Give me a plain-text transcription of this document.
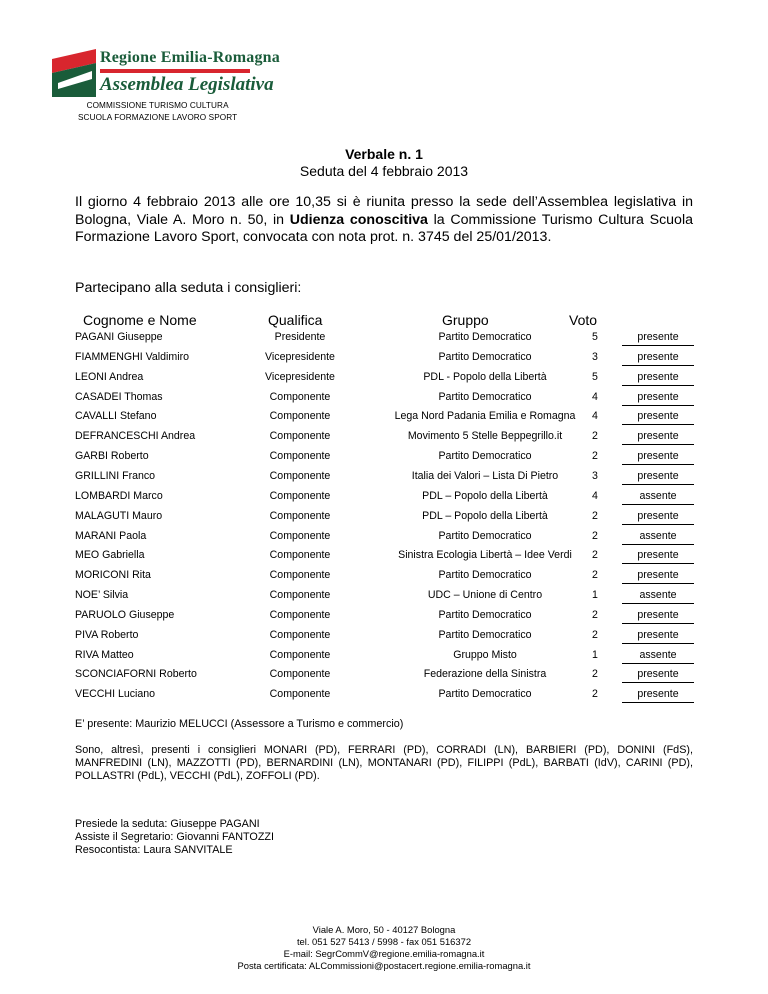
Regione Emilia-Romagna
Assemblea Legislativa
COMMISSIONE TURISMO CULTURA
SCUOLA FORMAZIONE LAVORO SPORT
Verbale n. 1
Seduta del 4 febbraio 2013
Il giorno 4 febbraio 2013 alle ore 10,35 si è riunita presso la sede dell’Assemblea legislativa in Bologna, Viale A. Moro n. 50, in Udienza conoscitiva la Commissione Turismo Cultura Scuola Formazione Lavoro Sport, convocata con nota prot. n. 3745 del 25/01/2013.
Partecipano alla seduta i consiglieri:
Cognome e Nome	Qualifica	Gruppo	Voto
PAGANI Giuseppe	Presidente	Partito Democratico	5	presente
FIAMMENGHI Valdimiro	Vicepresidente	Partito Democratico	3	presente
LEONI Andrea	Vicepresidente	PDL - Popolo della Libertà	5	presente
CASADEI Thomas	Componente	Partito Democratico	4	presente
CAVALLI Stefano	Componente	Lega Nord Padania Emilia e Romagna	4	presente
DEFRANCESCHI Andrea	Componente	Movimento 5 Stelle Beppegrillo.it	2	presente
GARBI Roberto	Componente	Partito Democratico	2	presente
GRILLINI Franco	Componente	Italia dei Valori – Lista Di Pietro	3	presente
LOMBARDI Marco	Componente	PDL – Popolo della Libertà	4	assente
MALAGUTI Mauro	Componente	PDL – Popolo della Libertà	2	presente
MARANI Paola	Componente	Partito Democratico	2	assente
MEO Gabriella	Componente	Sinistra Ecologia Libertà – Idee Verdi	2	presente
MORICONI Rita	Componente	Partito Democratico	2	presente
NOE’ Silvia	Componente	UDC – Unione di Centro	1	assente
PARUOLO Giuseppe	Componente	Partito Democratico	2	presente
PIVA Roberto	Componente	Partito Democratico	2	presente
RIVA Matteo	Componente	Gruppo Misto	1	assente
SCONCIAFORNI Roberto	Componente	Federazione della Sinistra	2	presente
VECCHI Luciano	Componente	Partito Democratico	2	presente
E’ presente: Maurizio MELUCCI (Assessore a Turismo e commercio)
Sono, altresì, presenti i consiglieri MONARI (PD), FERRARI (PD), CORRADI (LN), BARBIERI (PD), DONINI (FdS), MANFREDINI (LN), MAZZOTTI (PD), BERNARDINI (LN), MONTANARI (PD), FILIPPI (PdL), BARBATI (IdV), CARINI (PD), POLLASTRI (PdL), VECCHI (PdL), ZOFFOLI (PD).
Presiede la seduta: Giuseppe PAGANI
Assiste il Segretario: Giovanni FANTOZZI
Resocontista: Laura SANVITALE
Viale A. Moro, 50 - 40127 Bologna
tel. 051 527 5413 / 5998 - fax 051 516372
E-mail: SegrCommV@regione.emilia-romagna.it
Posta certificata: ALCommissioni@postacert.regione.emilia-romagna.it
